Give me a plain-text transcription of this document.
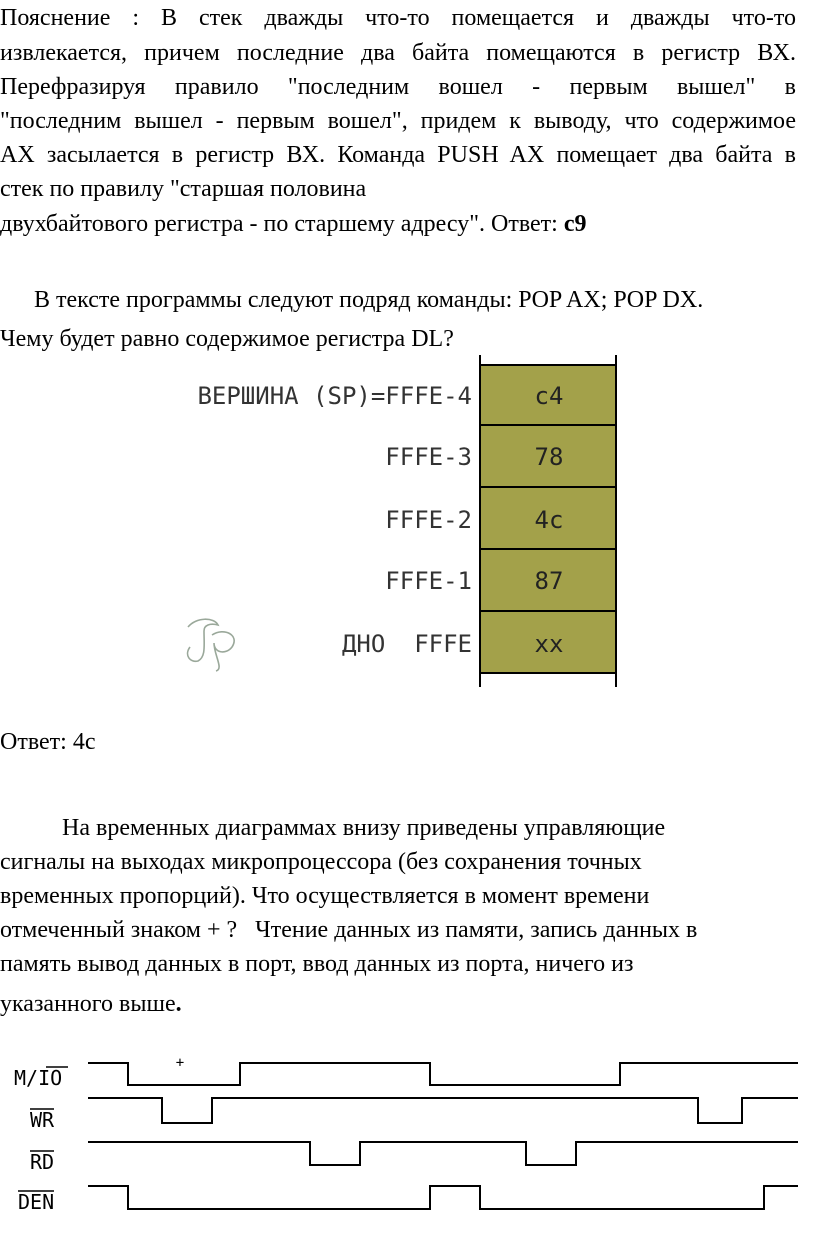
Пояснение : В стек дважды что-то помещается и дважды что-то
извлекается, причем последние два байта помещаются в регистр ВХ.
Перефразируя правило "последним вошел - первым вышел" в
"последним вышел - первым вошел", придем к выводу, что содержимое
АХ засылается в регистр ВХ. Команда PUSH AX помещает два байта в
стек по правилу "старшая половина
двухбайтового регистра - по старшему адресу". Ответ: c9
В тексте программы следуют подряд команды: POP AX; POP DX.
Чему будет равно содержимое регистра DL?
c4
78
4c
87
xx
ВЕРШИНА (SP)=FFFE-4
FFFE-3
FFFE-2
FFFE-1
ДНО  FFFE
Ответ: 4с
На временных диаграммах внизу приведены управляющие
сигналы на выходах микропроцессора (без сохранения точных
временных пропорций). Что осуществляется в момент времени
отмеченный знаком + ?   Чтение данных из памяти, запись данных в
память вывод данных в порт, ввод данных из порта, ничего из
указанного выше.
+
M/IO
WR
RD
DEN
